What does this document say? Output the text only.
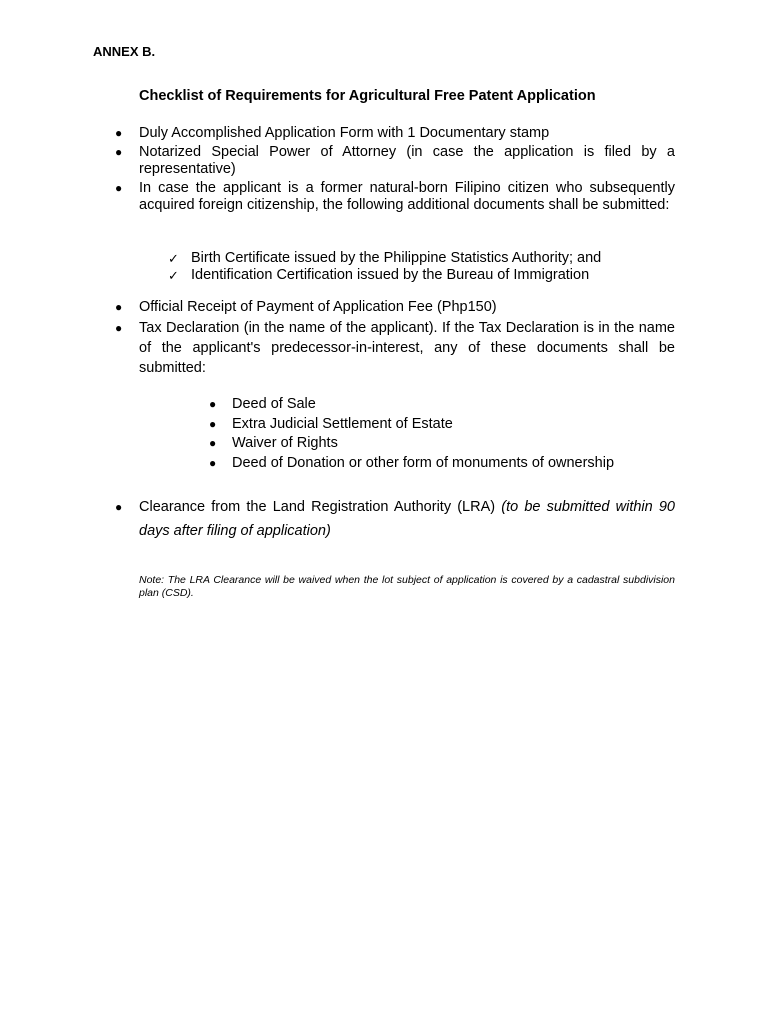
ANNEX B.
Checklist of Requirements for Agricultural Free Patent Application
● Duly Accomplished Application Form with 1 Documentary stamp
● Notarized Special Power of Attorney (in case the application is filed by a representative)
● In case the applicant is a former natural-born Filipino citizen who subsequently acquired foreign citizenship, the following additional documents shall be submitted:
✓ Birth Certificate issued by the Philippine Statistics Authority; and
✓ Identification Certification issued by the Bureau of Immigration
● Official Receipt of Payment of Application Fee (Php150)
● Tax Declaration (in the name of the applicant). If the Tax Declaration is in the name of the applicant's predecessor-in-interest, any of these documents shall be submitted:
● Deed of Sale
● Extra Judicial Settlement of Estate
● Waiver of Rights
● Deed of Donation or other form of monuments of ownership
● Clearance from the Land Registration Authority (LRA) (to be submitted within 90 days after filing of application)
Note: The LRA Clearance will be waived when the lot subject of application is covered by a cadastral subdivision plan (CSD).
